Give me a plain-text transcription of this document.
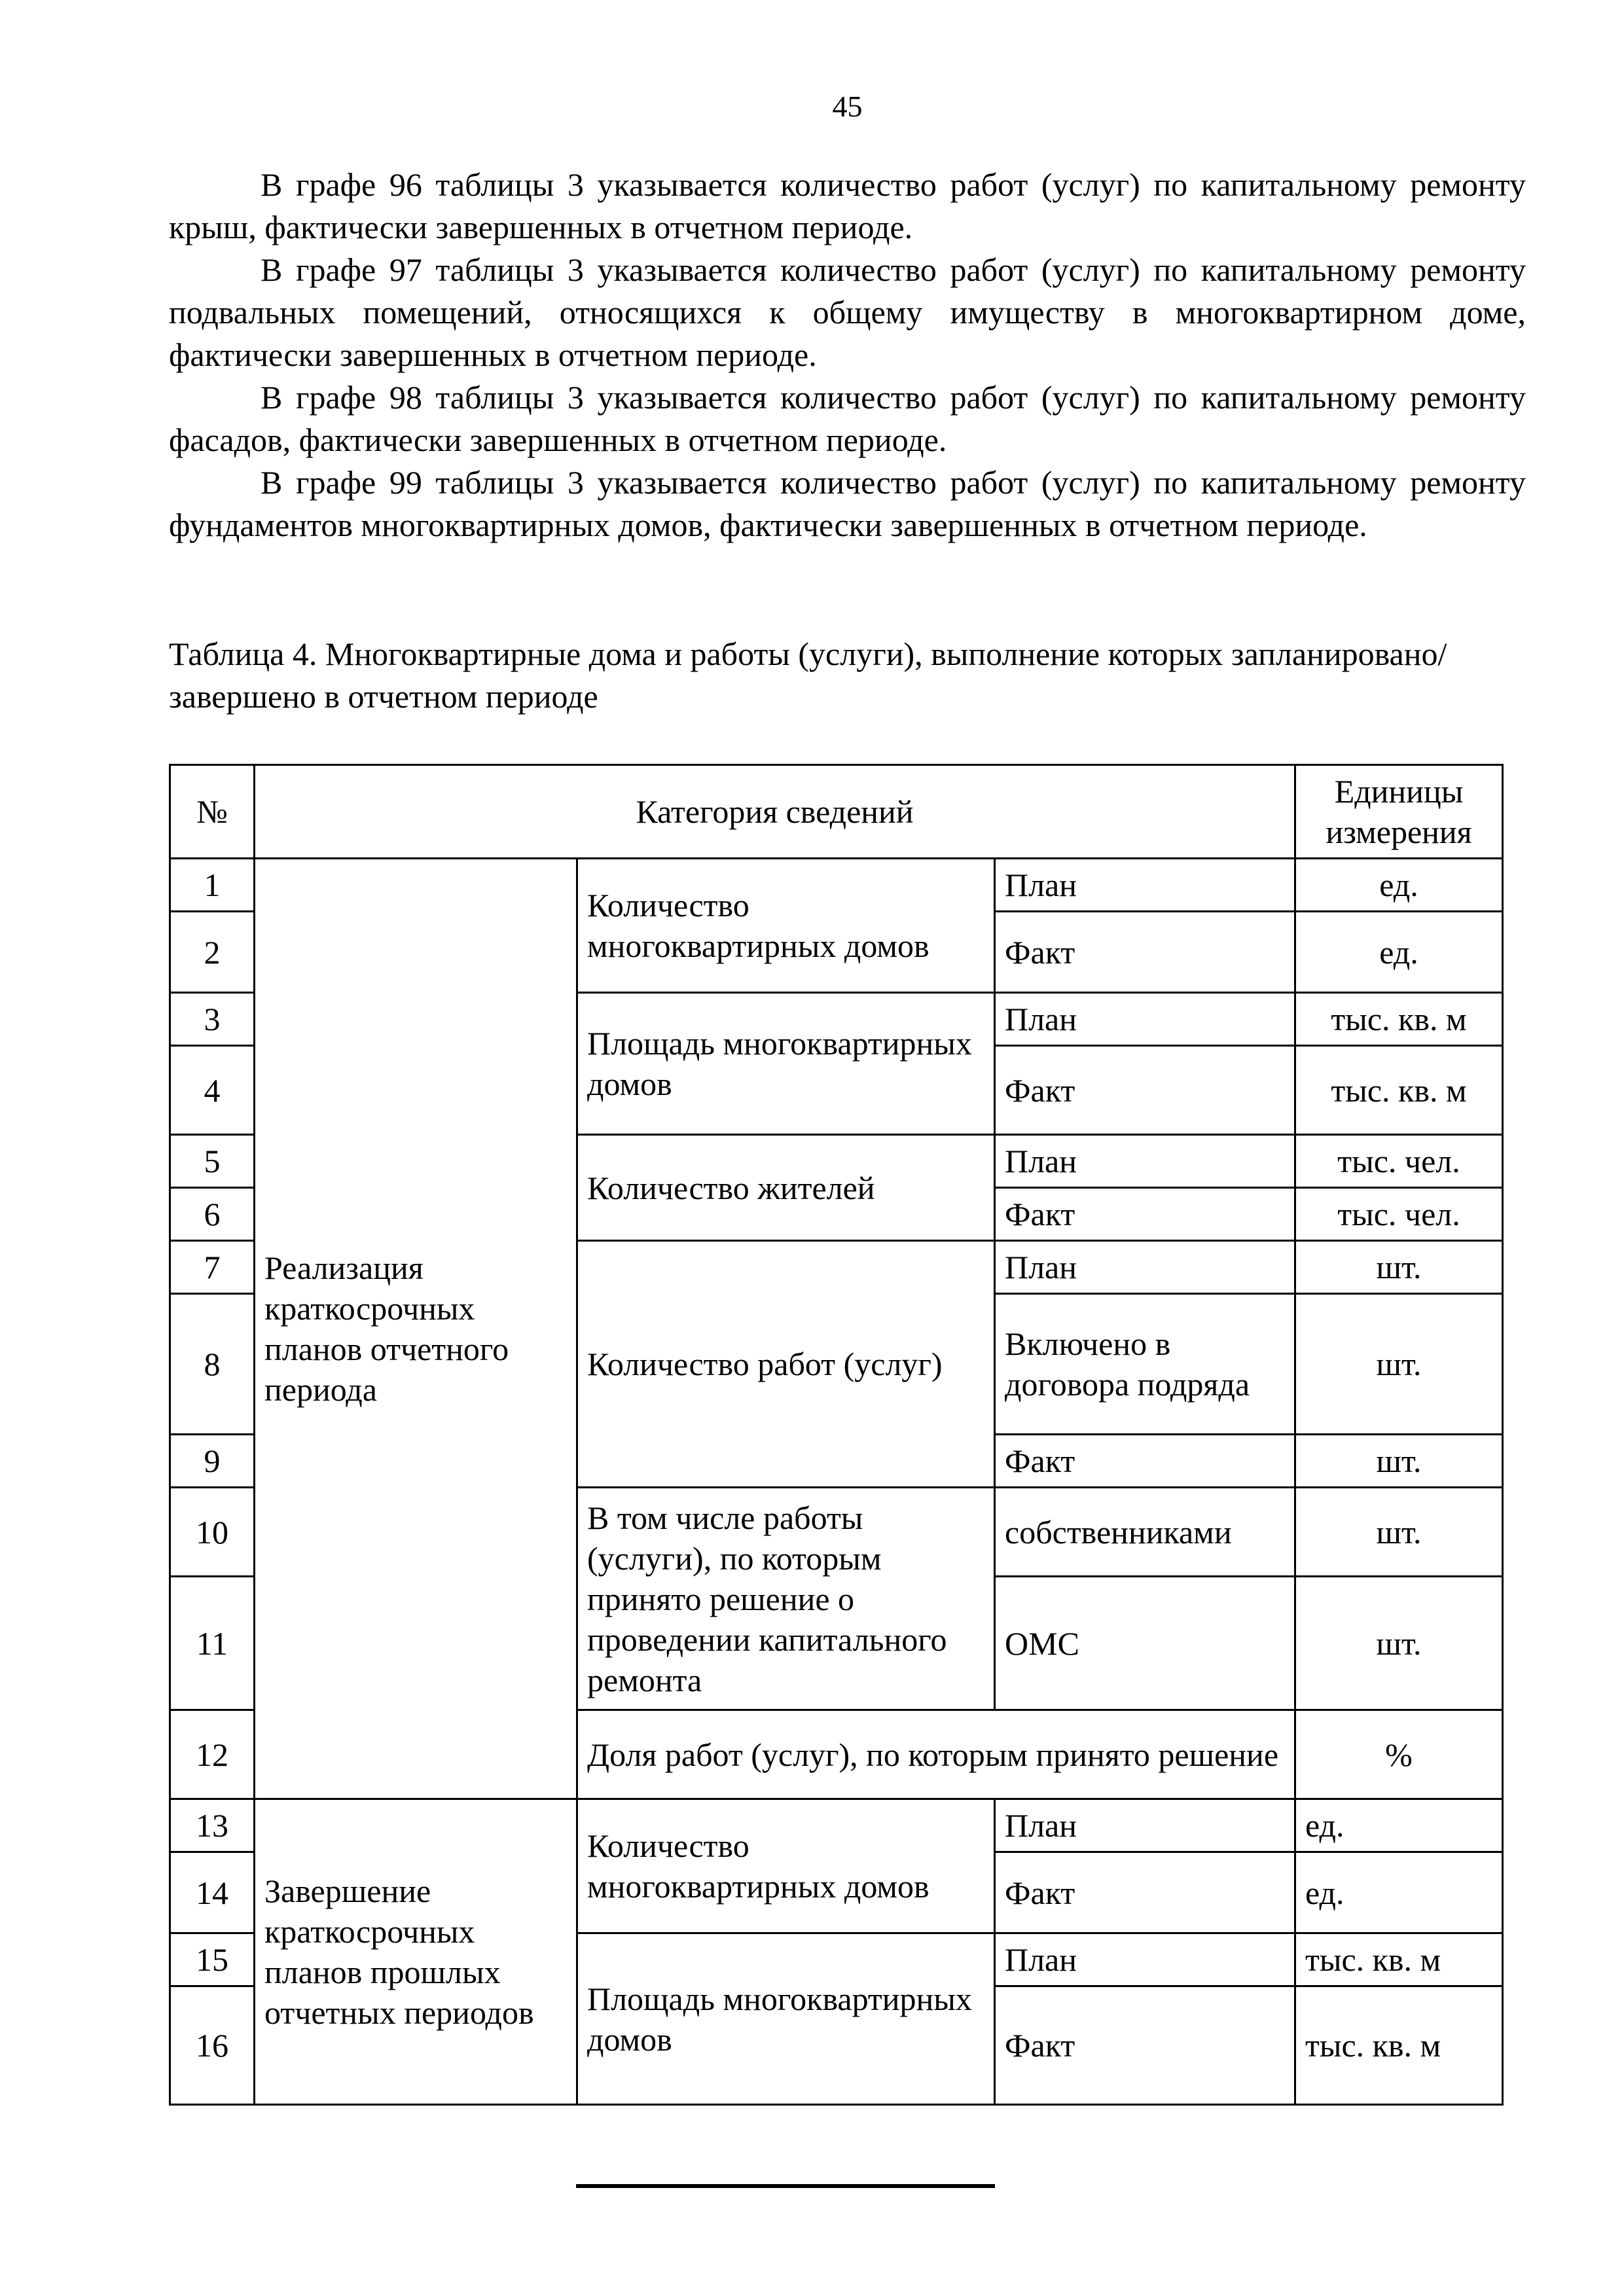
45

В графе 96 таблицы 3 указывается количество работ (услуг) по капитальному ремонту крыш, фактически завершенных в отчетном периоде.

В графе 97 таблицы 3 указывается количество работ (услуг) по капитальному ремонту подвальных помещений, относящихся к общему имуществу в многоквартирном доме, фактически завершенных в отчетном периоде.

В графе 98 таблицы 3 указывается количество работ (услуг) по капитальному ремонту фасадов, фактически завершенных в отчетном периоде.

В графе 99 таблицы 3 указывается количество работ (услуг) по капитальному ремонту фундаментов многоквартирных домов, фактически завершенных в отчетном периоде.

Таблица 4. Многоквартирные дома и работы (услуги), выполнение которых запланировано/завершено в отчетном периоде

№	Категория сведений			Единицы измерения
1	Реализация краткосрочных планов отчетного периода	Количество многоквартирных домов	План	ед.
2			Факт	ед.
3		Площадь многоквартирных домов	План	тыс. кв. м
4			Факт	тыс. кв. м
5		Количество жителей	План	тыс. чел.
6			Факт	тыс. чел.
7		Количество работ (услуг)	План	шт.
8			Включено в договора подряда	шт.
9			Факт	шт.
10		В том числе работы (услуги), по которым принято решение о проведении капитального ремонта	собственниками	шт.
11			ОМС	шт.
12		Доля работ (услуг), по которым принято решение		%
13	Завершение краткосрочных планов прошлых отчетных периодов	Количество многоквартирных домов	План	ед.
14			Факт	ед.
15		Площадь многоквартирных домов	План	тыс. кв. м
16			Факт	тыс. кв. м
